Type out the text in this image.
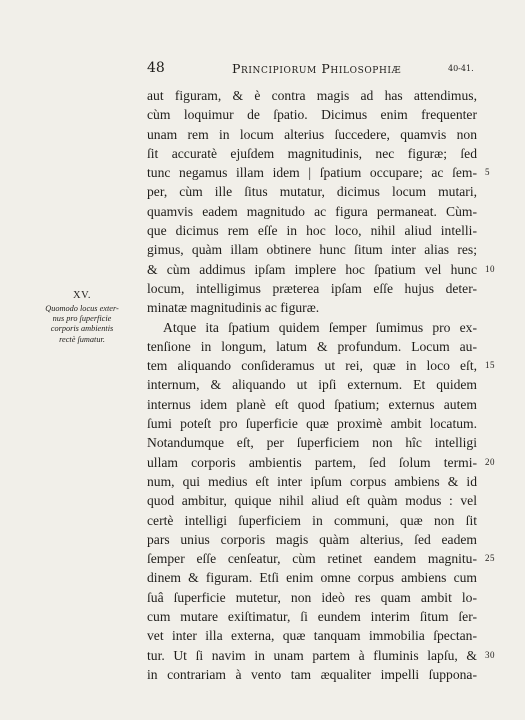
48	Principiorum Philosophiæ	40-41.
XV.
Quomodo locus exter-
nus pro ſuperficie
corporis ambientis
rectè ſumatur.
aut figuram, & è contra magis ad has attendimus,
cùm loquimur de ſpatio. Dicimus enim frequenter
unam rem in locum alterius ſuccedere, quamvis non
ſit accuratè ejuſdem magnitudinis, nec figuræ; ſed
tunc negamus illam idem | ſpatium occupare; ac ſem- 5
per, cùm ille ſitus mutatur, dicimus locum mutari,
quamvis eadem magnitudo ac figura permaneat. Cùm-
que dicimus rem eſſe in hoc loco, nihil aliud intelli-
gimus, quàm illam obtinere hunc ſitum inter alias res;
& cùm addimus ipſam implere hoc ſpatium vel hunc 10
locum, intelligimus præterea ipſam eſſe hujus deter-
minatæ magnitudinis ac figuræ.
Atque ita ſpatium quidem ſemper ſumimus pro ex-
tenſione in longum, latum & profundum. Locum au-
tem aliquando conſideramus ut rei, quæ in loco eſt, 15
internum, & aliquando ut ipſi externum. Et quidem
internus idem planè eſt quod ſpatium; externus autem
ſumi poteſt pro ſuperficie quæ proximè ambit locatum.
Notandumque eſt, per ſuperficiem non hîc intelligi
ullam corporis ambientis partem, ſed ſolum termi- 20
num, qui medius eſt inter ipſum corpus ambiens & id
quod ambitur, quique nihil aliud eſt quàm modus : vel
certè intelligi ſuperficiem in communi, quæ non ſit
pars unius corporis magis quàm alterius, ſed eadem
ſemper eſſe cenſeatur, cùm retinet eandem magnitu- 25
dinem & figuram. Etſi enim omne corpus ambiens cum
ſuâ ſuperficie mutetur, non ideò res quam ambit lo-
cum mutare exiſtimatur, ſi eundem interim ſitum ſer-
vet inter illa externa, quæ tanquam immobilia ſpectan-
tur. Ut ſi navim in unam partem à fluminis lapſu, & 30
in contrariam à vento tam æqualiter impelli ſuppona-
